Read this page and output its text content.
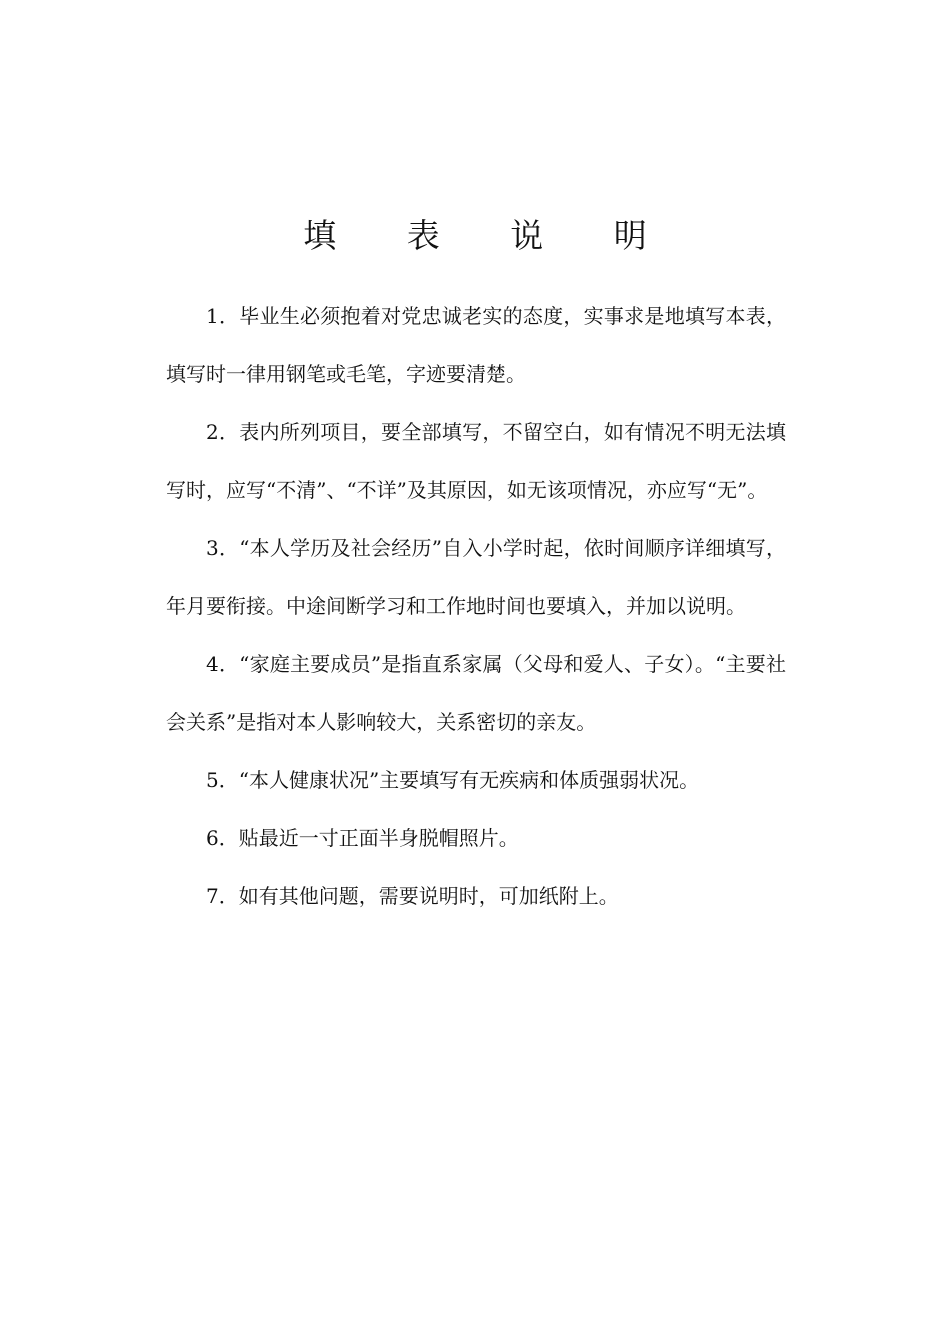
填 表 说 明

1．毕业生必须抱着对党忠诚老实的态度，实事求是地填写本表，填写时一律用钢笔或毛笔，字迹要清楚。

2．表内所列项目，要全部填写，不留空白，如有情况不明无法填写时，应写“不清”、“不详”及其原因，如无该项情况，亦应写“无”。

3．“本人学历及社会经历”自入小学时起，依时间顺序详细填写，年月要衔接。中途间断学习和工作地时间也要填入，并加以说明。

4．“家庭主要成员”是指直系家属（父母和爱人、子女）。“主要社会关系”是指对本人影响较大，关系密切的亲友。

5．“本人健康状况”主要填写有无疾病和体质强弱状况。

6．贴最近一寸正面半身脱帽照片。

7．如有其他问题，需要说明时，可加纸附上。
